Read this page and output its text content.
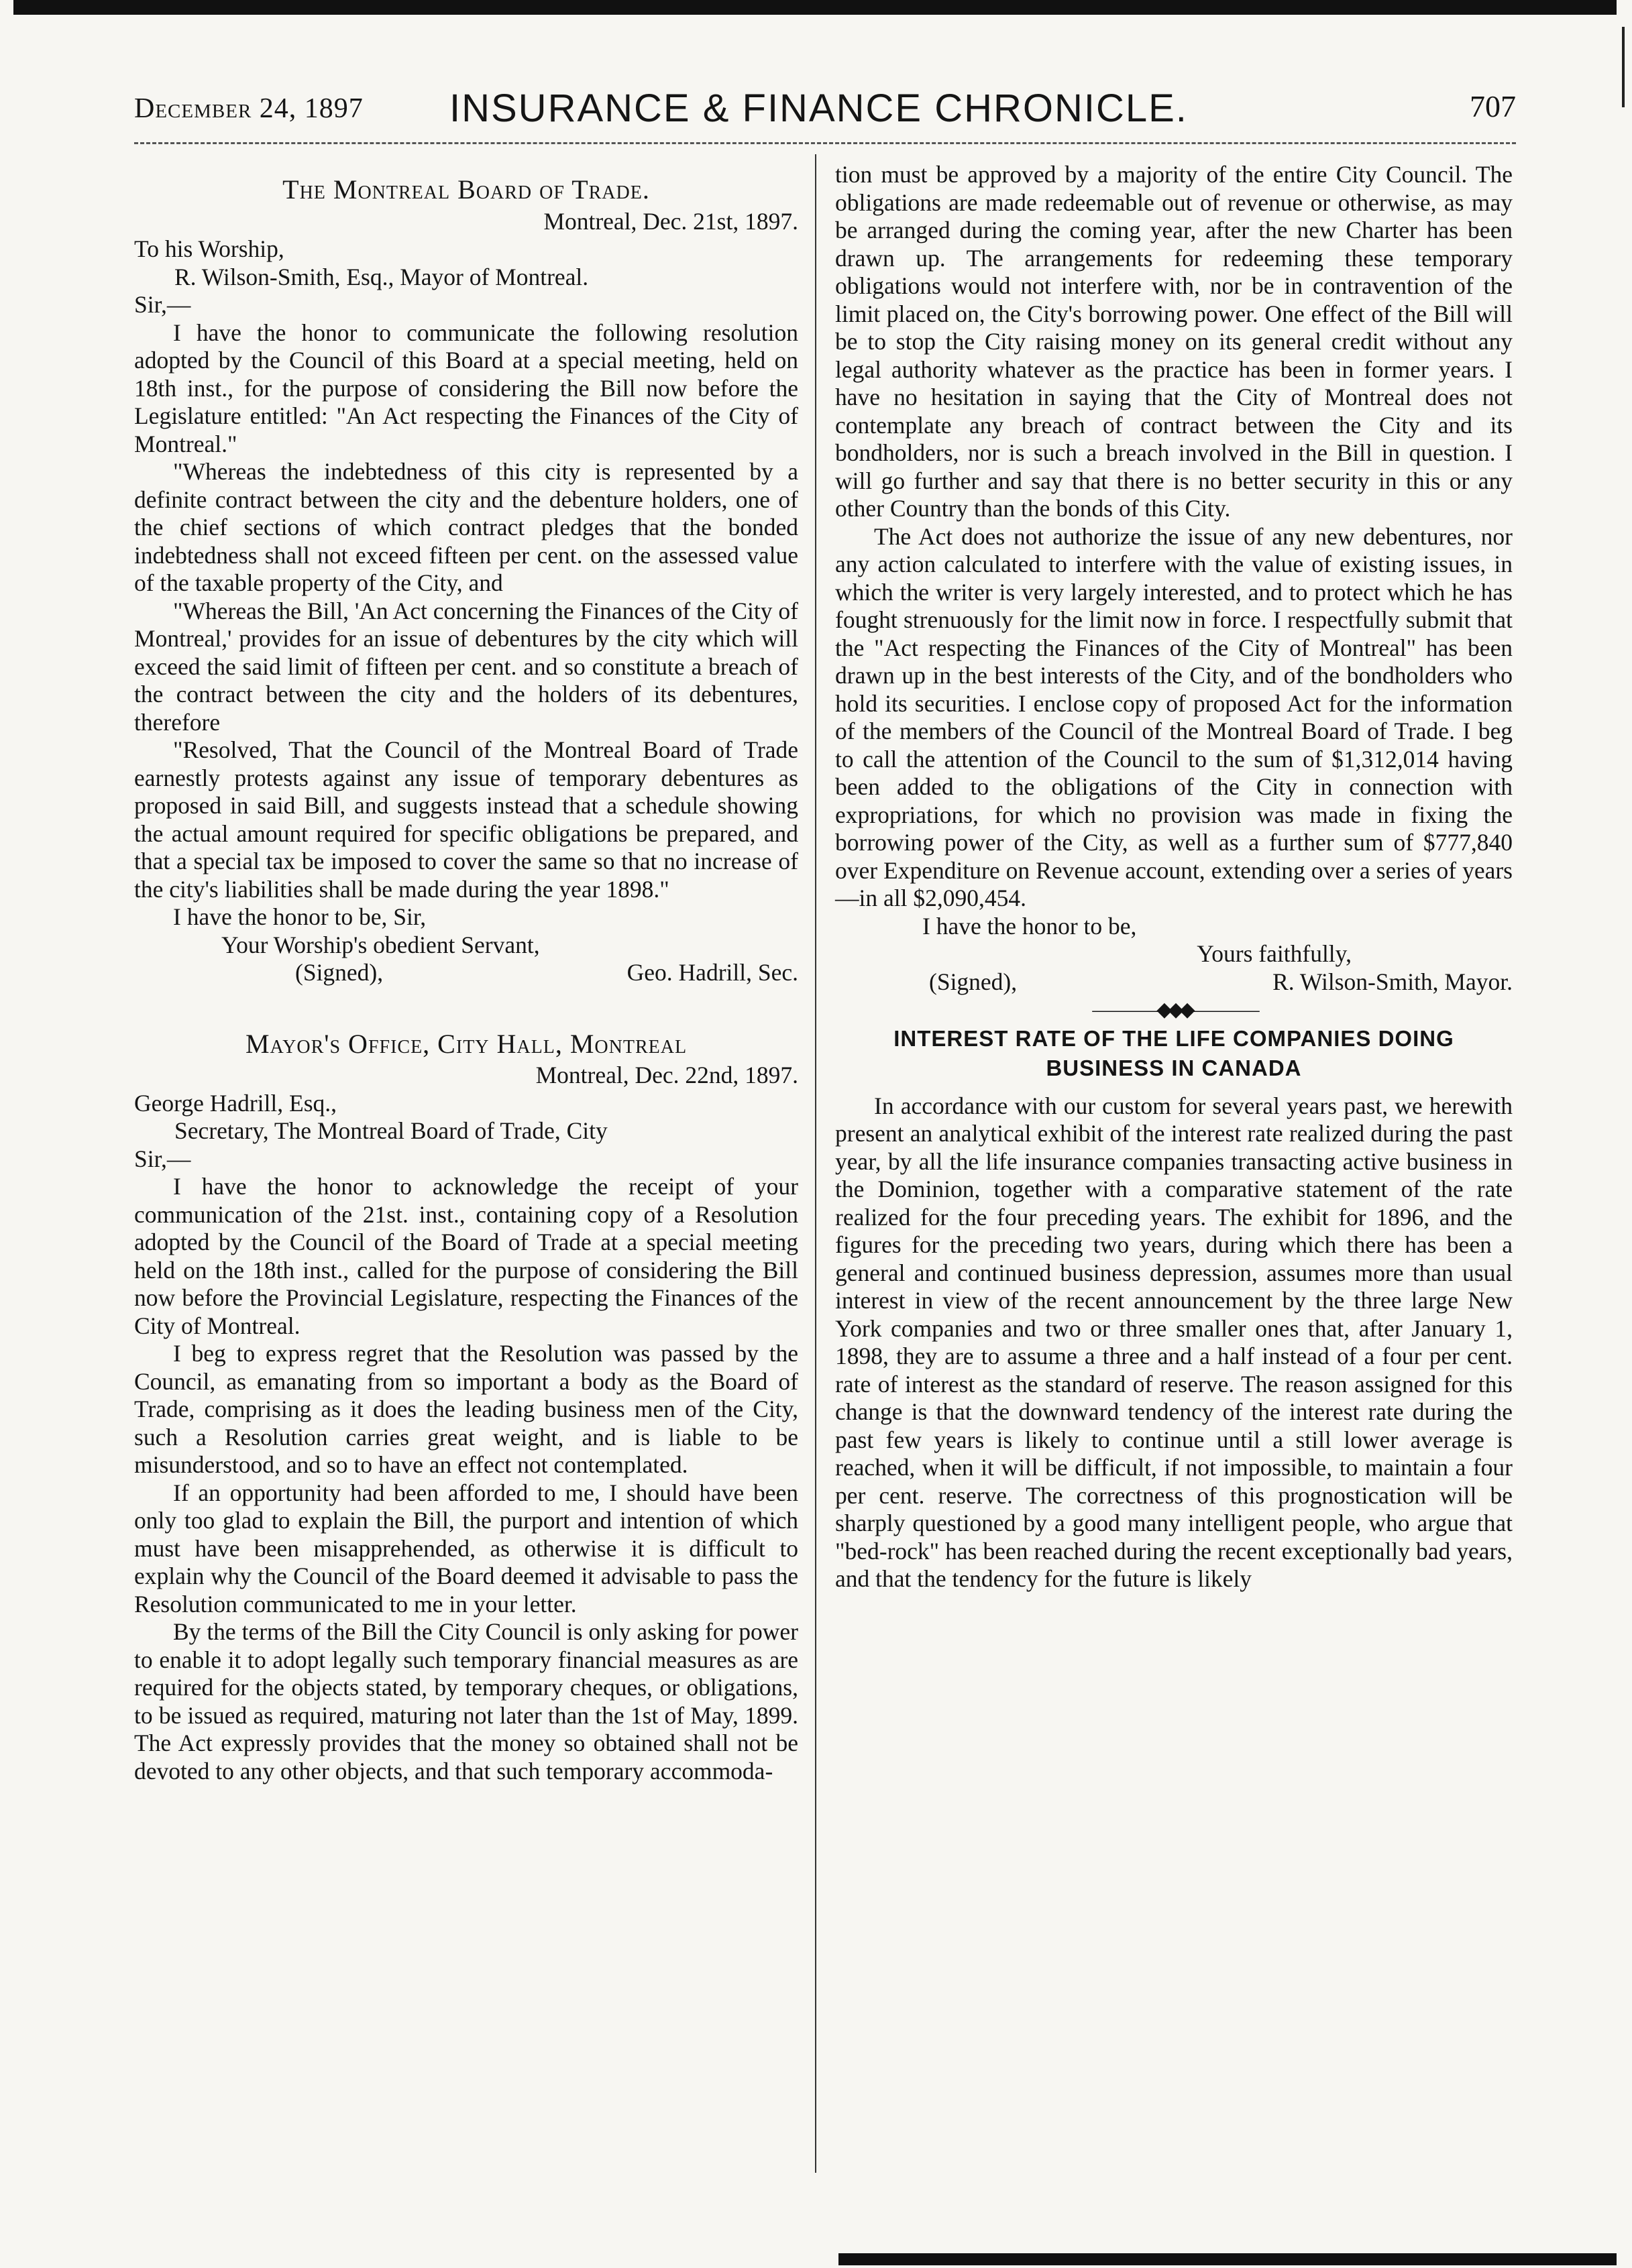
December 24, 1897 INSURANCE & FINANCE CHRONICLE.	707

The Montreal Board of Trade.

Montreal, Dec. 21st, 1897.

To his Worship,

R. Wilson-Smith, Esq., Mayor of Montreal.

Sir,—

I have the honor to communicate the following resolution adopted by the Council of this Board at a special meeting, held on 18th inst., for the purpose of considering the Bill now before the Legislature entitled: "An Act respecting the Finances of the City of Montreal."

"Whereas the indebtedness of this city is represented by a definite contract between the city and the debenture holders, one of the chief sections of which contract pledges that the bonded indebtedness shall not exceed fifteen per cent. on the assessed value of the taxable property of the City, and

"Whereas the Bill, 'An Act concerning the Finances of the City of Montreal,' provides for an issue of debentures by the city which will exceed the said limit of fifteen per cent. and so constitute a breach of the contract between the city and the holders of its debentures, therefore

"Resolved, That the Council of the Montreal Board of Trade earnestly protests against any issue of temporary debentures as proposed in said Bill, and suggests instead that a schedule showing the actual amount required for specific obligations be prepared, and that a special tax be imposed to cover the same so that no increase of the city's liabilities shall be made during the year 1898."

I have the honor to be, Sir,

Your Worship's obedient Servant,

(Signed),	Geo. Hadrill, Sec.

Mayor's Office, City Hall, Montreal

Montreal, Dec. 22nd, 1897.

George Hadrill, Esq.,

Secretary, The Montreal Board of Trade, City

Sir,—

I have the honor to acknowledge the receipt of your communication of the 21st. inst., containing copy of a Resolution adopted by the Council of the Board of Trade at a special meeting held on the 18th inst., called for the purpose of considering the Bill now before the Provincial Legislature, respecting the Finances of the City of Montreal.

I beg to express regret that the Resolution was passed by the Council, as emanating from so important a body as the Board of Trade, comprising as it does the leading business men of the City, such a Resolution carries great weight, and is liable to be misunderstood, and so to have an effect not contemplated.

If an opportunity had been afforded to me, I should have been only too glad to explain the Bill, the purport and intention of which must have been misapprehended, as otherwise it is difficult to explain why the Council of the Board deemed it advisable to pass the Resolution communicated to me in your letter.

By the terms of the Bill the City Council is only asking for power to enable it to adopt legally such temporary financial measures as are required for the objects stated, by temporary cheques, or obligations, to be issued as required, maturing not later than the 1st of May, 1899. The Act expressly provides that the money so obtained shall not be devoted to any other objects, and that such temporary accommoda-

tion must be approved by a majority of the entire City Council. The obligations are made redeemable out of revenue or otherwise, as may be arranged during the coming year, after the new Charter has been drawn up. The arrangements for redeeming these temporary obligations would not interfere with, nor be in contravention of the limit placed on, the City's borrowing power. One effect of the Bill will be to stop the City raising money on its general credit without any legal authority whatever as the practice has been in former years. I have no hesitation in saying that the City of Montreal does not contemplate any breach of contract between the City and its bondholders, nor is such a breach involved in the Bill in question. I will go further and say that there is no better security in this or any other Country than the bonds of this City.

The Act does not authorize the issue of any new debentures, nor any action calculated to interfere with the value of existing issues, in which the writer is very largely interested, and to protect which he has fought strenuously for the limit now in force. I respectfully submit that the "Act respecting the Finances of the City of Montreal" has been drawn up in the best interests of the City, and of the bondholders who hold its securities. I enclose copy of proposed Act for the information of the members of the Council of the Montreal Board of Trade. I beg to call the attention of the Council to the sum of $1,312,014 having been added to the obligations of the City in connection with expropriations, for which no provision was made in fixing the borrowing power of the City, as well as a further sum of $777,840 over Expenditure on Revenue account, extending over a series of years—in all $2,090,454.

I have the honor to be,

Yours faithfully,

(Signed),	R. Wilson-Smith, Mayor.

————◆◆◆————

INTEREST RATE OF THE LIFE COMPANIES DOING BUSINESS IN CANADA

In accordance with our custom for several years past, we herewith present an analytical exhibit of the interest rate realized during the past year, by all the life insurance companies transacting active business in the Dominion, together with a comparative statement of the rate realized for the four preceding years. The exhibit for 1896, and the figures for the preceding two years, during which there has been a general and continued business depression, assumes more than usual interest in view of the recent announcement by the three large New York companies and two or three smaller ones that, after January 1, 1898, they are to assume a three and a half instead of a four per cent. rate of interest as the standard of reserve. The reason assigned for this change is that the downward tendency of the interest rate during the past few years is likely to continue until a still lower average is reached, when it will be difficult, if not impossible, to maintain a four per cent. reserve. The correctness of this prognostication will be sharply questioned by a good many intelligent people, who argue that "bed-rock" has been reached during the recent exceptionally bad years, and that the tendency for the future is likely
